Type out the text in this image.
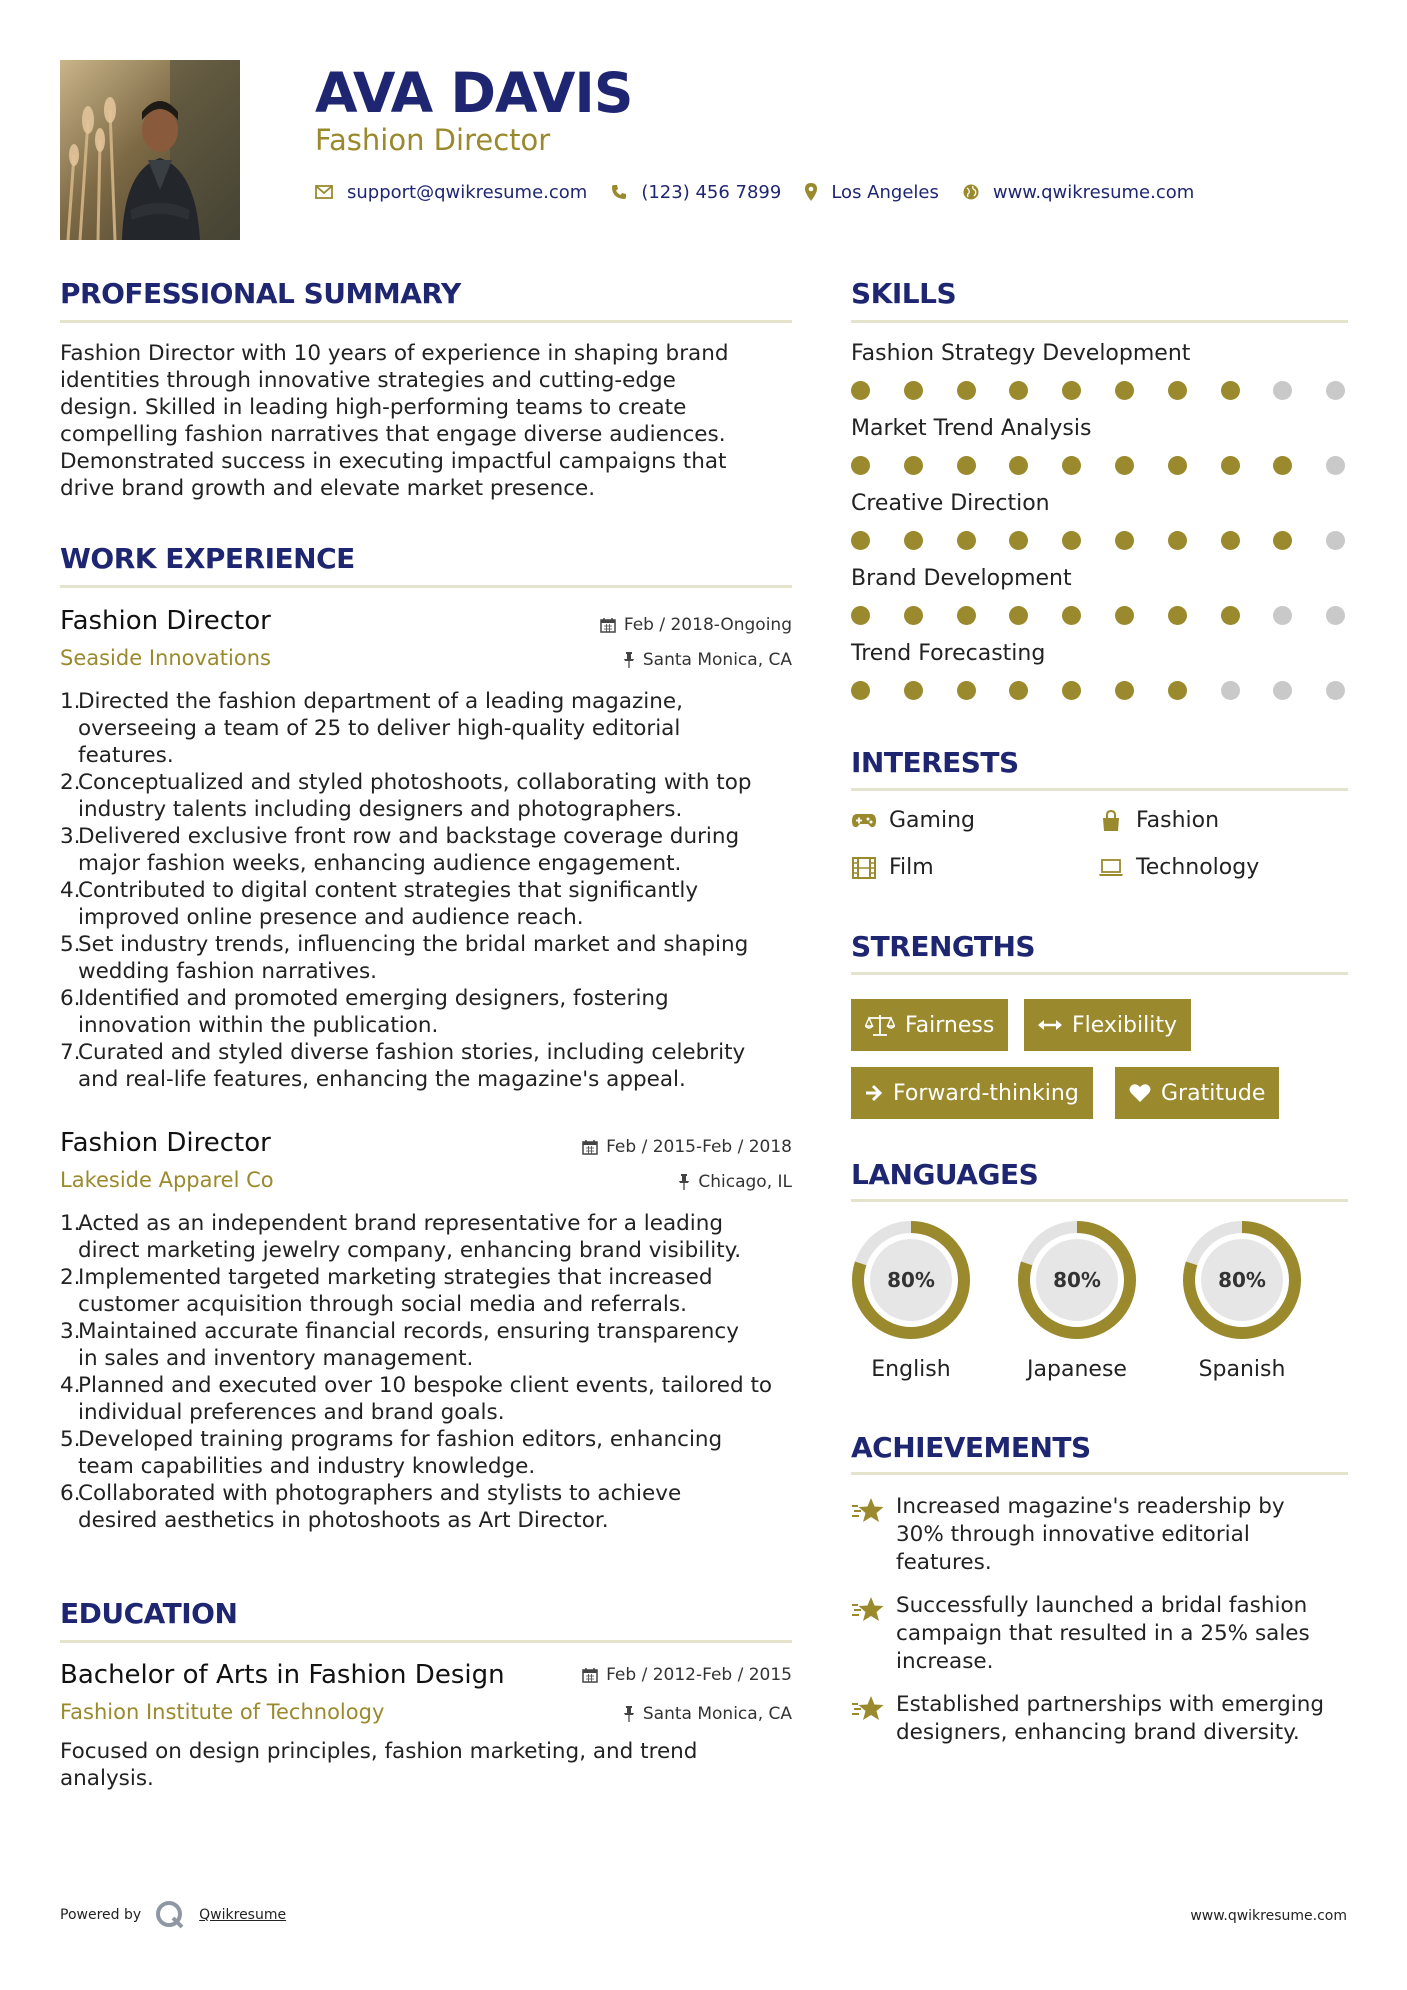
AVA DAVIS
Fashion Director
support@qwikresume.com	(123) 456 7899	Los Angeles	www.qwikresume.com
PROFESSIONAL SUMMARY
Fashion Director with 10 years of experience in shaping brand
identities through innovative strategies and cutting-edge
design. Skilled in leading high-performing teams to create
compelling fashion narratives that engage diverse audiences.
Demonstrated success in executing impactful campaigns that
drive brand growth and elevate market presence.
WORK EXPERIENCE
Fashion Director	Feb / 2018-Ongoing
Seaside Innovations	Santa Monica, CA
1.
Directed the fashion department of a leading magazine,
overseeing a team of 25 to deliver high-quality editorial
features.
2.
Conceptualized and styled photoshoots, collaborating with top
industry talents including designers and photographers.
3.
Delivered exclusive front row and backstage coverage during
major fashion weeks, enhancing audience engagement.
4.
Contributed to digital content strategies that significantly
improved online presence and audience reach.
5.
Set industry trends, influencing the bridal market and shaping
wedding fashion narratives.
6.
Identified and promoted emerging designers, fostering
innovation within the publication.
7.
Curated and styled diverse fashion stories, including celebrity
and real-life features, enhancing the magazine's appeal.
Fashion Director	Feb / 2015-Feb / 2018
Lakeside Apparel Co	Chicago, IL
1.
Acted as an independent brand representative for a leading
direct marketing jewelry company, enhancing brand visibility.
2.
Implemented targeted marketing strategies that increased
customer acquisition through social media and referrals.
3.
Maintained accurate financial records, ensuring transparency
in sales and inventory management.
4.
Planned and executed over 10 bespoke client events, tailored to
individual preferences and brand goals.
5.
Developed training programs for fashion editors, enhancing
team capabilities and industry knowledge.
6.
Collaborated with photographers and stylists to achieve
desired aesthetics in photoshoots as Art Director.
EDUCATION
Bachelor of Arts in Fashion Design	Feb / 2012-Feb / 2015
Fashion Institute of Technology	Santa Monica, CA
Focused on design principles, fashion marketing, and trend
analysis.
SKILLS
Fashion Strategy Development
Market Trend Analysis
Creative Direction
Brand Development
Trend Forecasting
INTERESTS
Gaming	Fashion
Film	Technology
STRENGTHS
Fairness	Flexibility
Forward-thinking	Gratitude
LANGUAGES
80%
English
80%
Japanese
80%
Spanish
ACHIEVEMENTS
Increased magazine's readership by
30% through innovative editorial
features.
Successfully launched a bridal fashion
campaign that resulted in a 25% sales
increase.
Established partnerships with emerging
designers, enhancing brand diversity.
Powered by	Qwikresume	www.qwikresume.com
